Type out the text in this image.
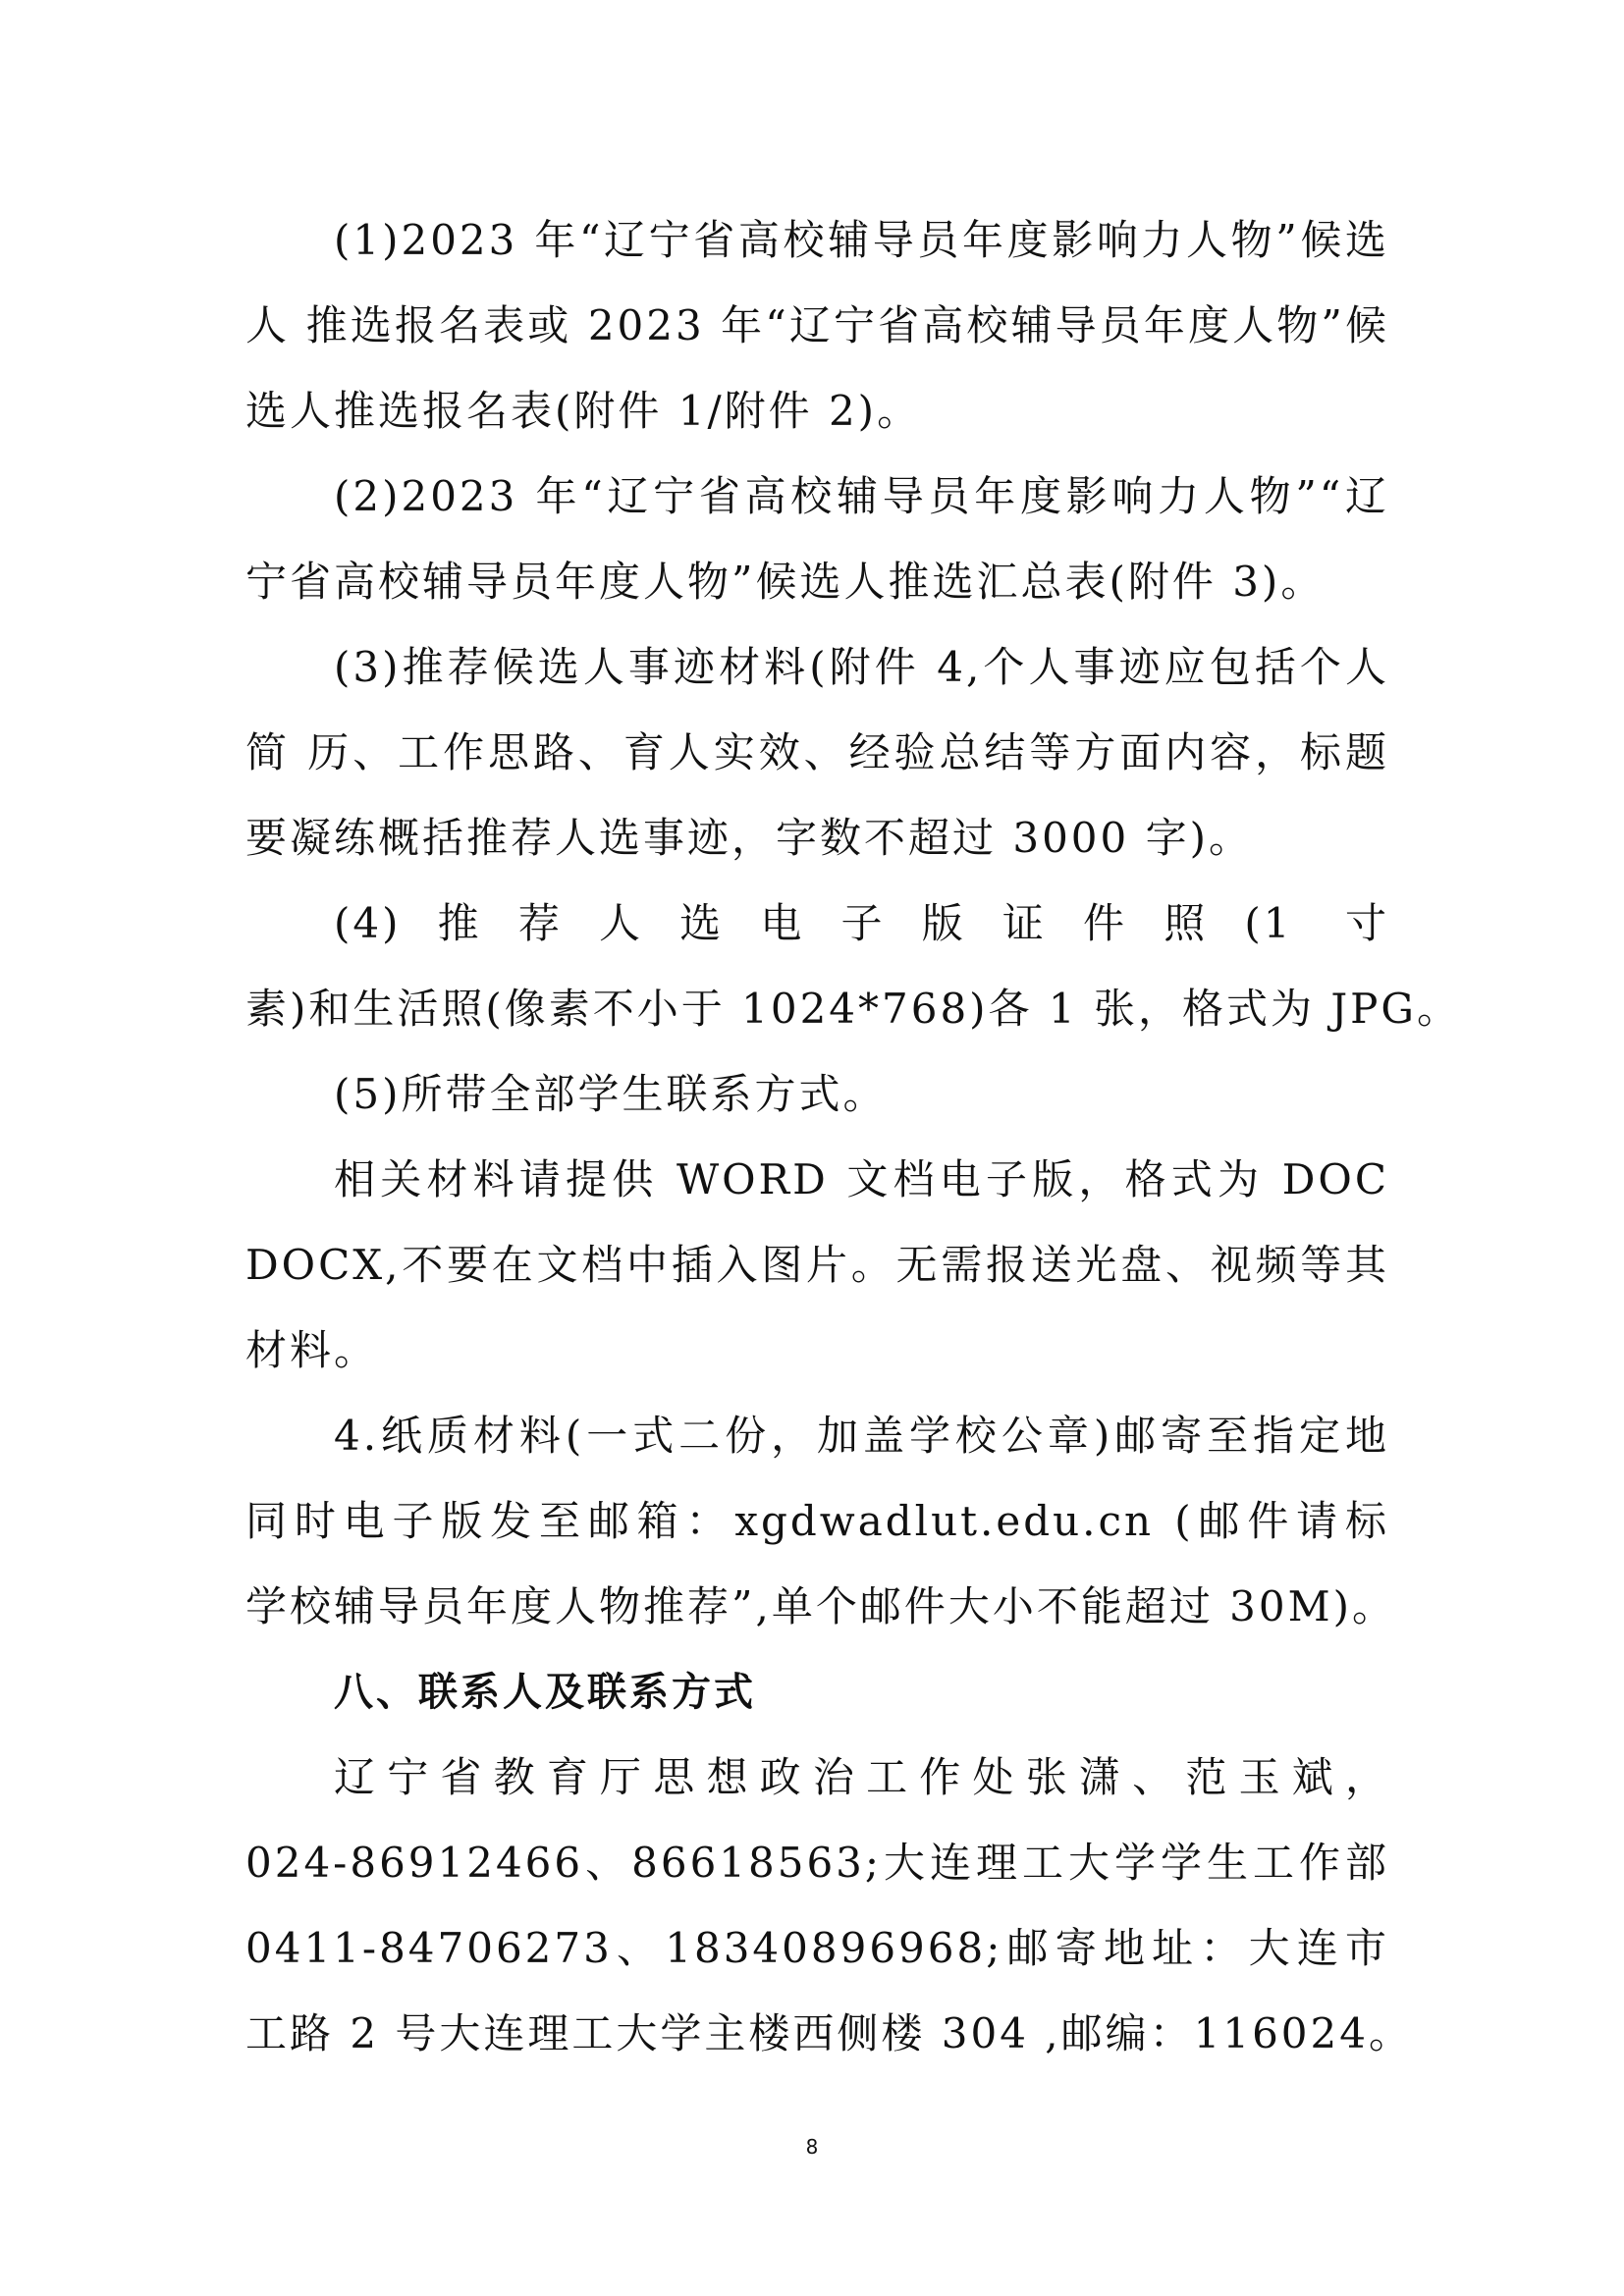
(1)2023 年“辽宁省高校辅导员年度影响力人物”候选
人 推选报名表或 2023 年“辽宁省高校辅导员年度人物”候
选人推选报名表(附件 1/附件 2)。
(2)2023 年“辽宁省高校辅导员年度影响力人物”“辽
宁省高校辅导员年度人物”候选人推选汇总表(附件 3)。
(3)推荐候选人事迹材料(附件 4,个人事迹应包括个人
简 历、工作思路、育人实效、经验总结等方面内容，标题
要凝练概括推荐人选事迹，字数不超过 3000 字)。
(4)推荐人选电子版证件照(1 寸
素)和生活照(像素不小于 1024*768)各 1 张，格式为 JPG。
(5)所带全部学生联系方式。
相关材料请提供 WORD 文档电子版，格式为 DOC
DOCX,不要在文档中插入图片。无需报送光盘、视频等其
材料。
4.纸质材料(一式二份，加盖学校公章)邮寄至指定地
同时电子版发至邮箱：xgdwadlut.edu.cn (邮件请标
学校辅导员年度人物推荐”,单个邮件大小不能超过 30M)。
八、联系人及联系方式
辽宁省教育厅思想政治工作处张潇、范玉斌，
024-86912466、86618563;大连理工大学学生工作部
0411-84706273、18340896968;邮寄地址：大连市
工路 2 号大连理工大学主楼西侧楼 304 ,邮编：116024。
8
